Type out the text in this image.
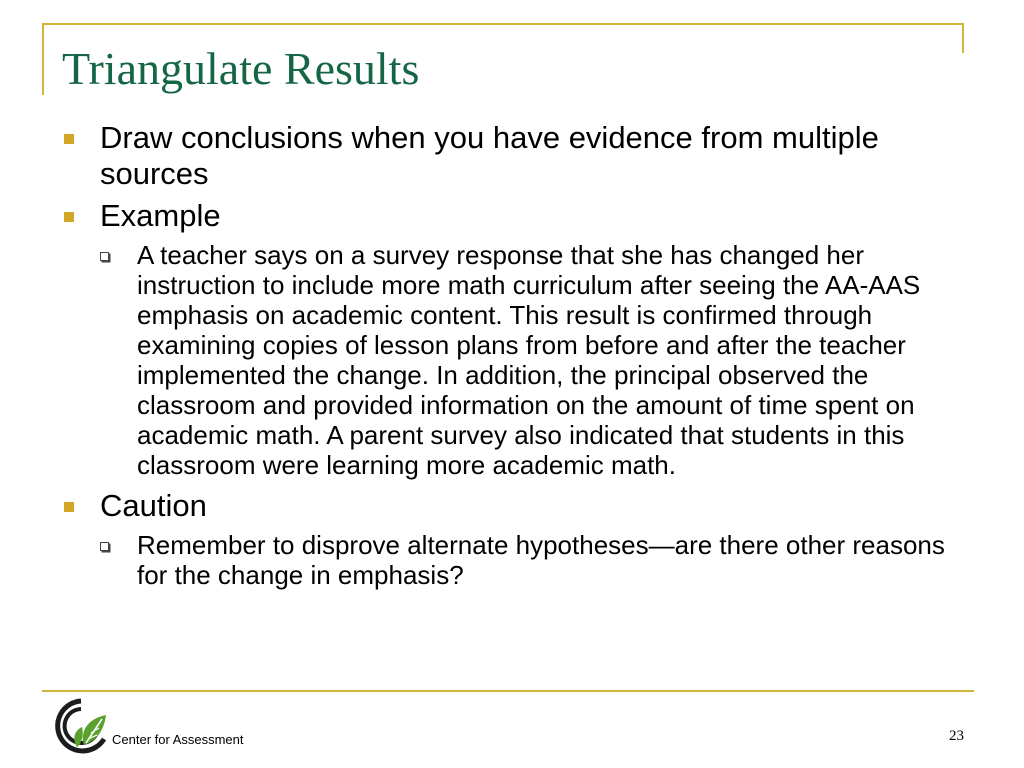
Triangulate Results
Draw conclusions when you have evidence from multiple sources
Example
A teacher says on a survey response that she has changed her instruction to include more math curriculum after seeing the AA-AAS emphasis on academic content. This result is confirmed through examining copies of lesson plans from before and after the teacher implemented the change. In addition, the principal observed the classroom and provided information on the amount of time spent on academic math. A parent survey also indicated that students in this classroom were learning more academic math.
Caution
Remember to disprove alternate hypotheses—are there other reasons for the change in emphasis?
Center for Assessment	23
